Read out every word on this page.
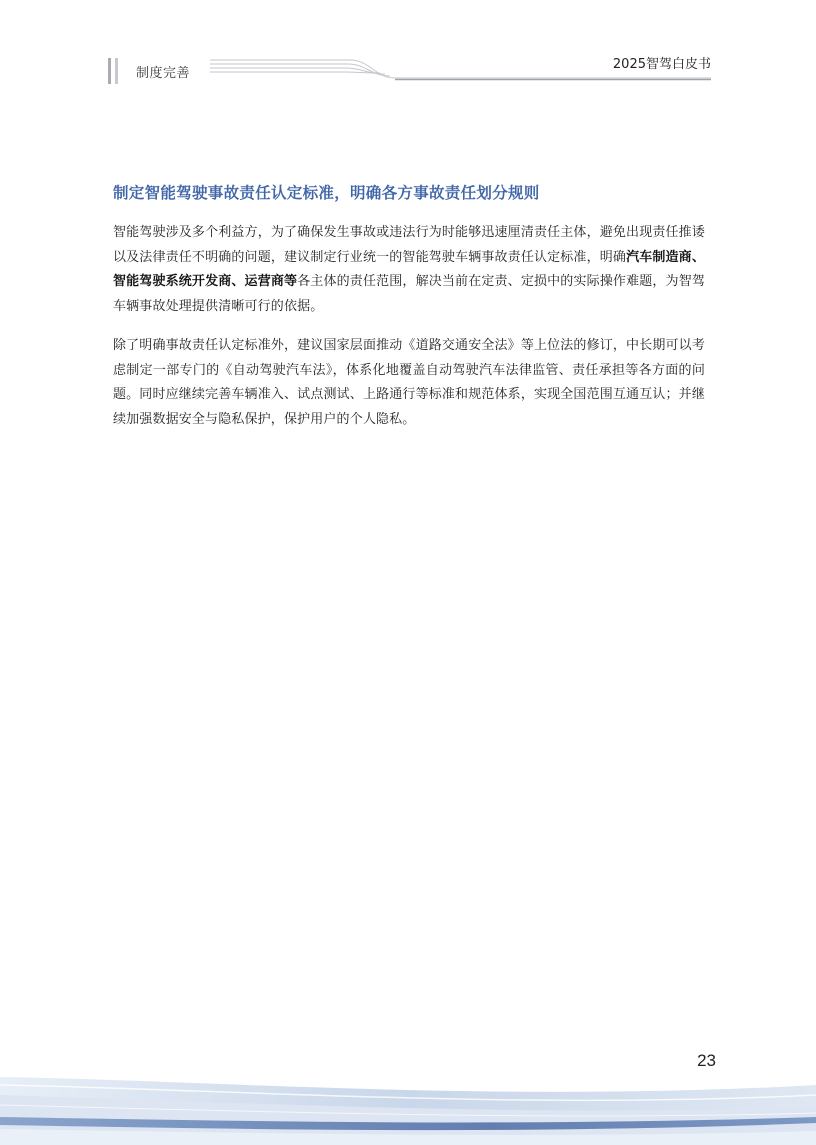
制度完善
2025智驾白皮书
制定智能驾驶事故责任认定标准，明确各方事故责任划分规则

智能驾驶涉及多个利益方，为了确保发生事故或违法行为时能够迅速厘清责任主体，避免出现责任推诿以及法律责任不明确的问题，建议制定行业统一的智能驾驶车辆事故责任认定标准，明确汽车制造商、智能驾驶系统开发商、运营商等各主体的责任范围，解决当前在定责、定损中的实际操作难题，为智驾车辆事故处理提供清晰可行的依据。

除了明确事故责任认定标准外，建议国家层面推动《道路交通安全法》等上位法的修订，中长期可以考虑制定一部专门的《自动驾驶汽车法》，体系化地覆盖自动驾驶汽车法律监管、责任承担等各方面的问题。同时应继续完善车辆准入、试点测试、上路通行等标准和规范体系，实现全国范围互通互认；并继续加强数据安全与隐私保护，保护用户的个人隐私。

23
